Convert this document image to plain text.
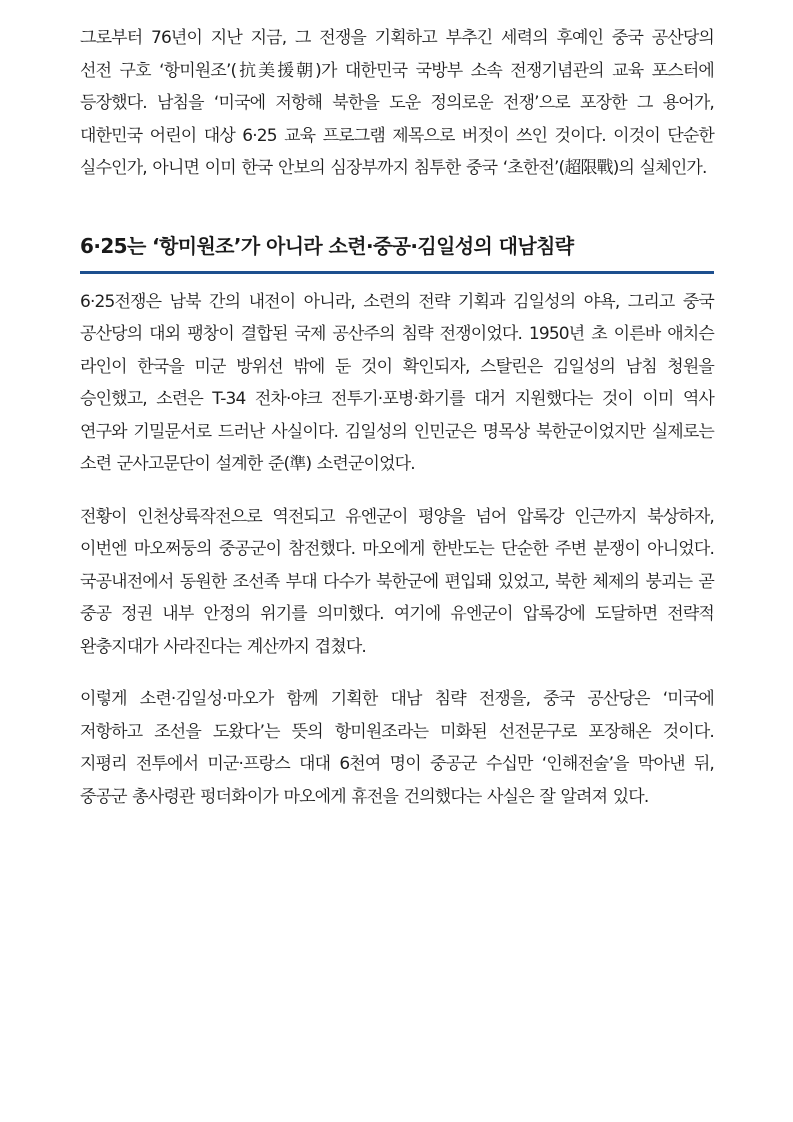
그로부터 76년이 지난 지금, 그 전쟁을 기획하고 부추긴 세력의 후예인 중국 공산당의 선전 구호 ‘항미원조’(抗美援朝)가 대한민국 국방부 소속 전쟁기념관의 교육 포스터에 등장했다. 남침을 ‘미국에 저항해 북한을 도운 정의로운 전쟁’으로 포장한 그 용어가, 대한민국 어린이 대상 6·25 교육 프로그램 제목으로 버젓이 쓰인 것이다. 이것이 단순한 실수인가, 아니면 이미 한국 안보의 심장부까지 침투한 중국 ‘초한전’(超限戰)의 실체인가.

6·25는 ‘항미원조’가 아니라 소련·중공·김일성의 대남침략

6·25전쟁은 남북 간의 내전이 아니라, 소련의 전략 기획과 김일성의 야욕, 그리고 중국 공산당의 대외 팽창이 결합된 국제 공산주의 침략 전쟁이었다. 1950년 초 이른바 애치슨 라인이 한국을 미군 방위선 밖에 둔 것이 확인되자, 스탈린은 김일성의 남침 청원을 승인했고, 소련은 T-34 전차·야크 전투기·포병·화기를 대거 지원했다는 것이 이미 역사 연구와 기밀문서로 드러난 사실이다. 김일성의 인민군은 명목상 북한군이었지만 실제로는 소련 군사고문단이 설계한 준(準) 소련군이었다.

전황이 인천상륙작전으로 역전되고 유엔군이 평양을 넘어 압록강 인근까지 북상하자, 이번엔 마오쩌둥의 중공군이 참전했다. 마오에게 한반도는 단순한 주변 분쟁이 아니었다. 국공내전에서 동원한 조선족 부대 다수가 북한군에 편입돼 있었고, 북한 체제의 붕괴는 곧 중공 정권 내부 안정의 위기를 의미했다. 여기에 유엔군이 압록강에 도달하면 전략적 완충지대가 사라진다는 계산까지 겹쳤다.

이렇게 소련·김일성·마오가 함께 기획한 대남 침략 전쟁을, 중국 공산당은 ‘미국에 저항하고 조선을 도왔다’는 뜻의 항미원조라는 미화된 선전문구로 포장해온 것이다. 지평리 전투에서 미군·프랑스 대대 6천여 명이 중공군 수십만 ‘인해전술’을 막아낸 뒤, 중공군 총사령관 펑더화이가 마오에게 휴전을 건의했다는 사실은 잘 알려져 있다.
